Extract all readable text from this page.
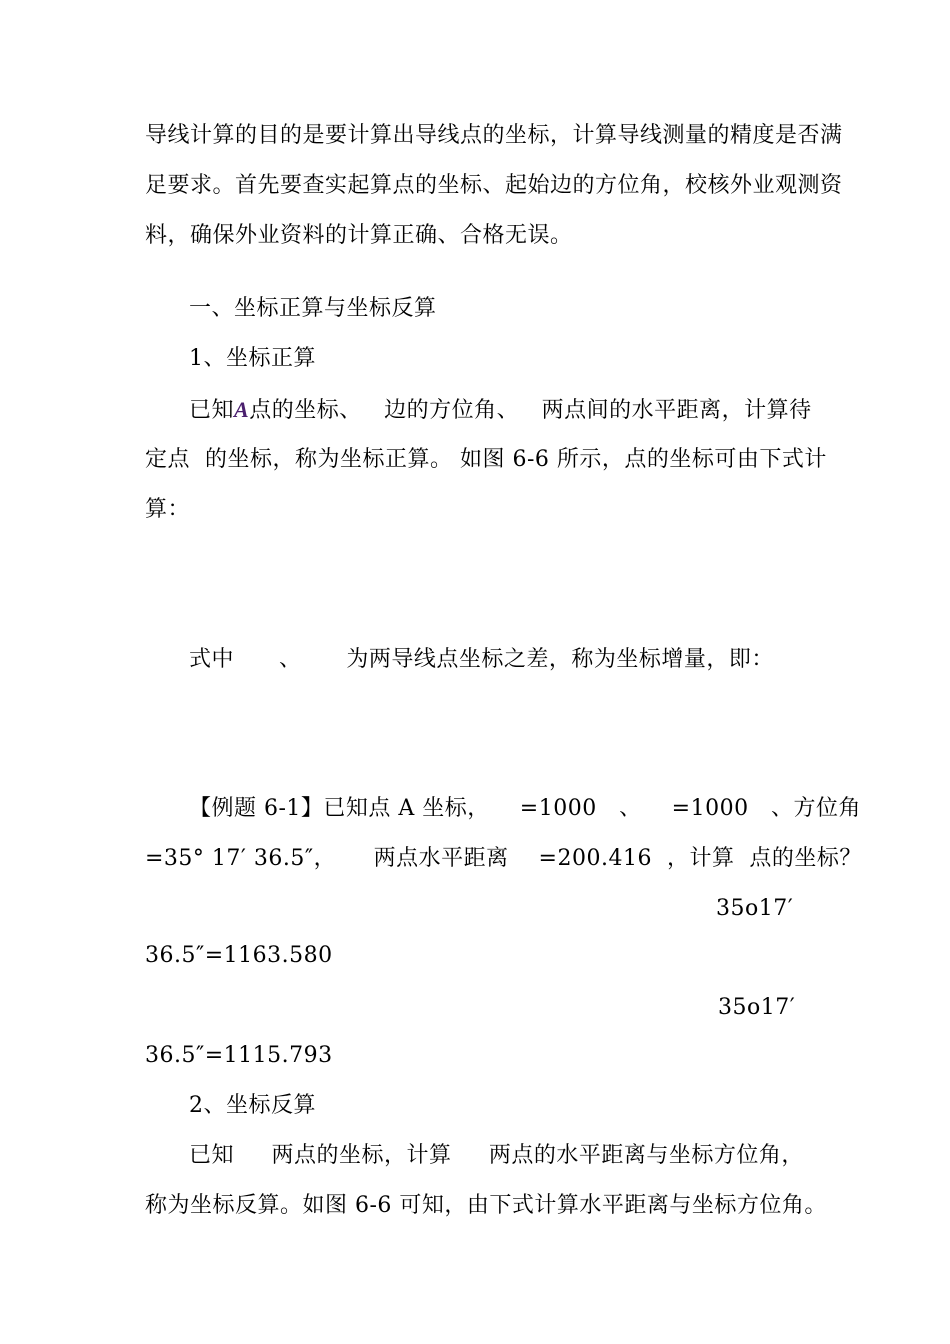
导线计算的目的是要计算出导线点的坐标，计算导线测量的精度是否满
足要求。首先要查实起算点的坐标、起始边的方位角，校核外业观测资
料，确保外业资料的计算正确、合格无误。
一、坐标正算与坐标反算
1、坐标正算
已知A点的坐标、   边的方位角、   两点间的水平距离，计算待
定点  的坐标，称为坐标正算。 如图 6-6 所示，点的坐标可由下式计
算：
式中      、      为两导线点坐标之差，称为坐标增量，即：
【例题 6-1】已知点 A 坐标，    =1000   、    =1000   、方位角
=35° 17′ 36.5″，     两点水平距离    =200.416  ，计算  点的坐标？
35o17′
36.5″=1163.580
35o17′
36.5″=1115.793
2、坐标反算
已知     两点的坐标，计算     两点的水平距离与坐标方位角，
称为坐标反算。如图 6-6 可知，由下式计算水平距离与坐标方位角。
